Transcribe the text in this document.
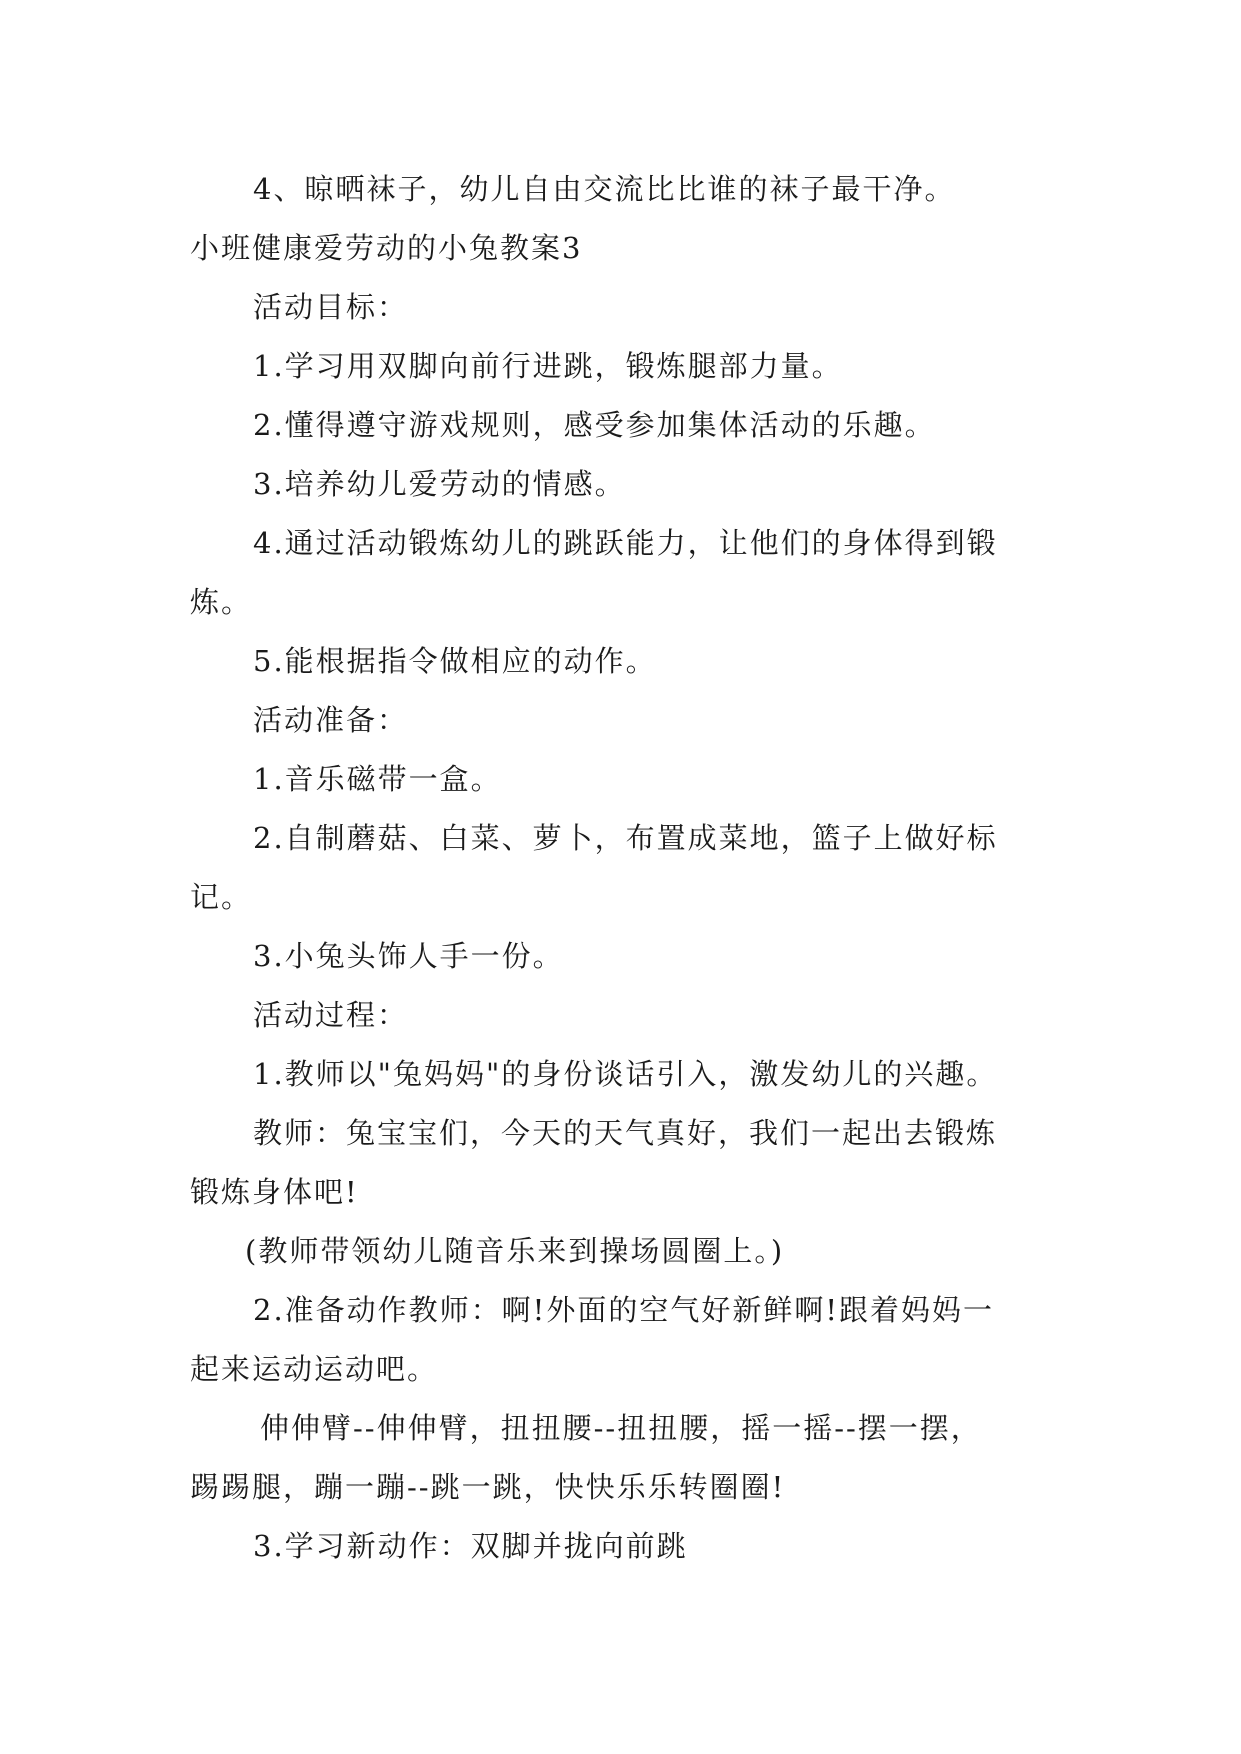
4、晾晒袜子，幼儿自由交流比比谁的袜子最干净。
小班健康爱劳动的小兔教案3
活动目标：
1.学习用双脚向前行进跳，锻炼腿部力量。
2.懂得遵守游戏规则，感受参加集体活动的乐趣。
3.培养幼儿爱劳动的情感。
4.通过活动锻炼幼儿的跳跃能力，让他们的身体得到锻
炼。
5.能根据指令做相应的动作。
活动准备：
1.音乐磁带一盒。
2.自制蘑菇、白菜、萝卜，布置成菜地，篮子上做好标
记。
3.小兔头饰人手一份。
活动过程：
1.教师以"兔妈妈"的身份谈话引入，激发幼儿的兴趣。
教师：兔宝宝们，今天的天气真好，我们一起出去锻炼
锻炼身体吧!
(教师带领幼儿随音乐来到操场圆圈上。)
2.准备动作教师：啊!外面的空气好新鲜啊!跟着妈妈一
起来运动运动吧。
伸伸臂--伸伸臂，扭扭腰--扭扭腰，摇一摇--摆一摆，
踢踢腿，蹦一蹦--跳一跳，快快乐乐转圈圈!
3.学习新动作：双脚并拢向前跳
